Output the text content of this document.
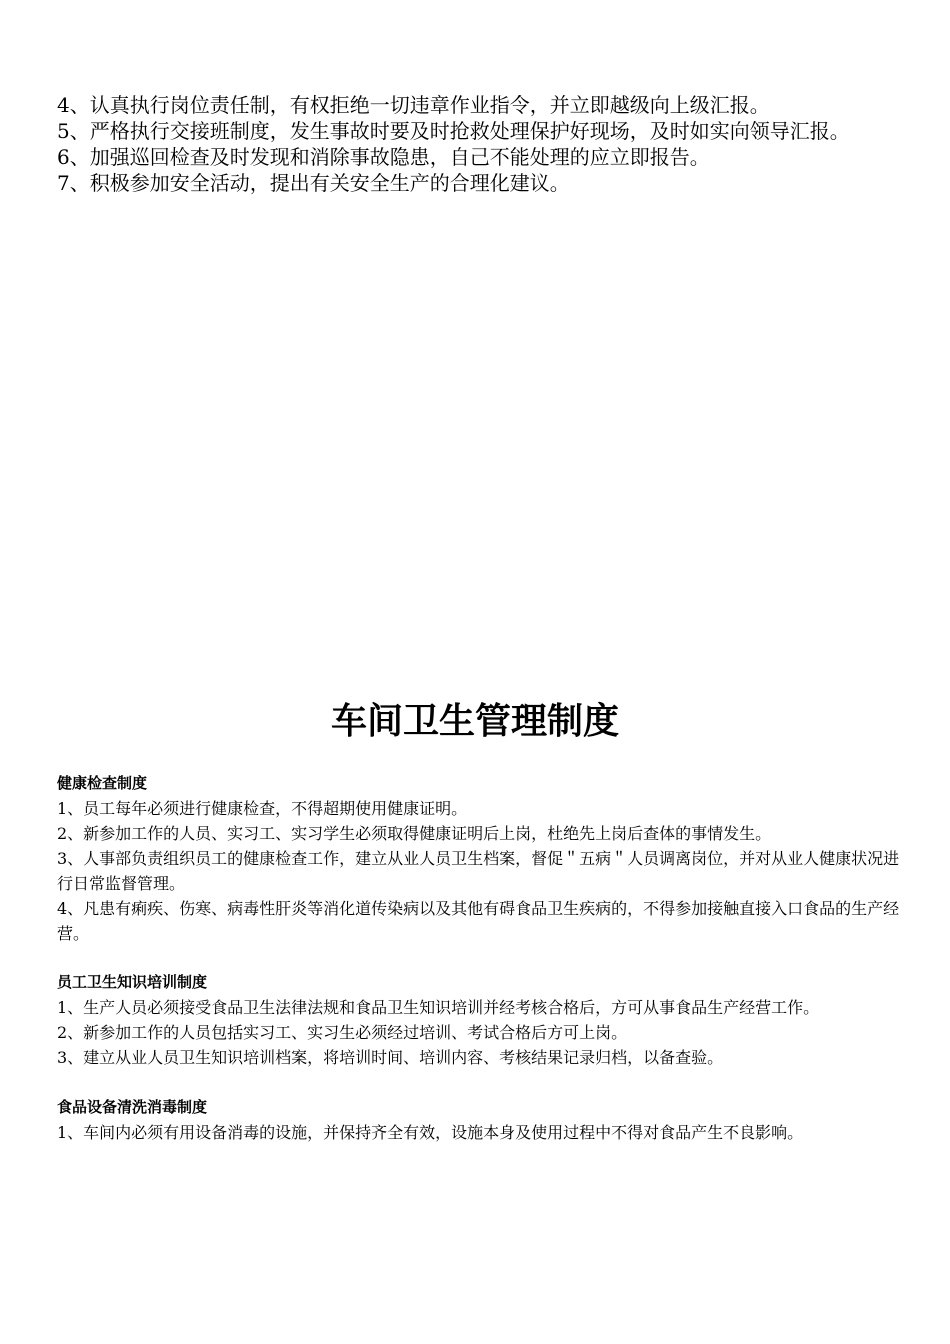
4、认真执行岗位责任制，有权拒绝一切违章作业指令，并立即越级向上级汇报。

5、严格执行交接班制度，发生事故时要及时抢救处理保护好现场，及时如实向领导汇报。

6、加强巡回检查及时发现和消除事故隐患，自己不能处理的应立即报告。

7、积极参加安全活动，提出有关安全生产的合理化建议。

车间卫生管理制度
健康检查制度

1、员工每年必须进行健康检查，不得超期使用健康证明。

2、新参加工作的人员、实习工、实习学生必须取得健康证明后上岗，杜绝先上岗后查体的事情发生。

3、人事部负责组织员工的健康检查工作，建立从业人员卫生档案，督促＂五病＂人员调离岗位，并对从业人健康状况进行日常监督管理。

4、凡患有痢疾、伤寒、病毒性肝炎等消化道传染病以及其他有碍食品卫生疾病的，不得参加接触直接入口食品的生产经营。

员工卫生知识培训制度

1、生产人员必须接受食品卫生法律法规和食品卫生知识培训并经考核合格后，方可从事食品生产经营工作。

2、新参加工作的人员包括实习工、实习生必须经过培训、考试合格后方可上岗。

3、建立从业人员卫生知识培训档案，将培训时间、培训内容、考核结果记录归档，以备查验。

食品设备清洗消毒制度

1、车间内必须有用设备消毒的设施，并保持齐全有效，设施本身及使用过程中不得对食品产生不良影响。
